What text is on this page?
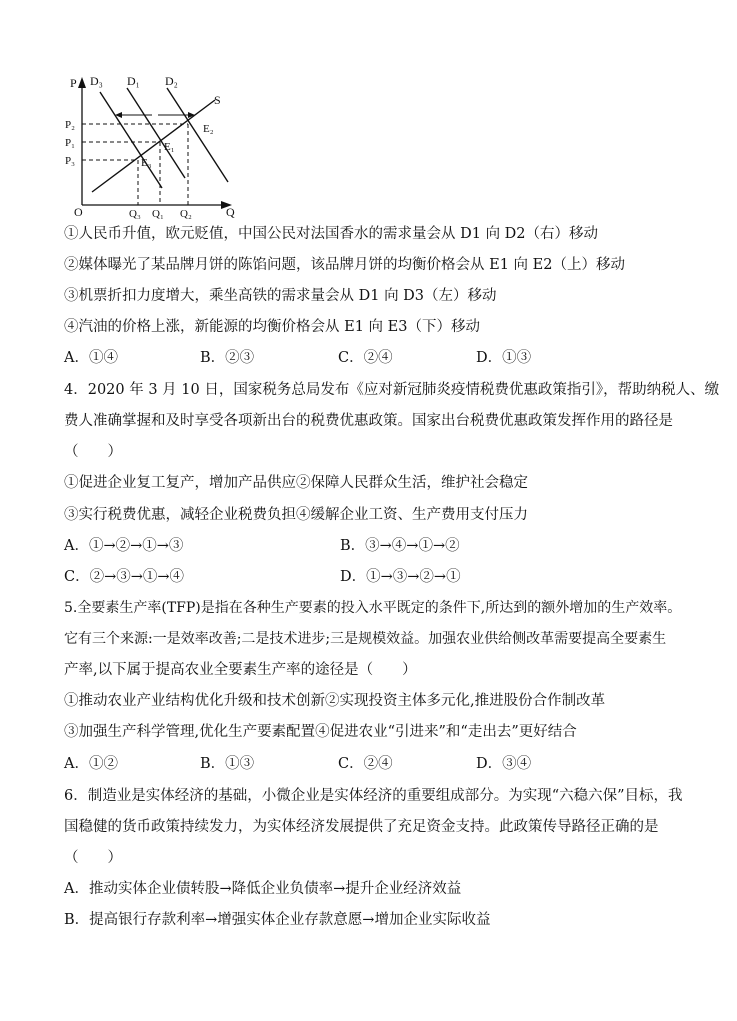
P
Q
O
D₃ D₁ D₂
S
P₂
P₁
P₃
Q₃ Q₁ Q₂
E₂
E₁
E₃
①人民币升值，欧元贬值，中国公民对法国香水的需求量会从 D1 向 D2（右）移动
②媒体曝光了某品牌月饼的陈馅问题，该品牌月饼的均衡价格会从 E1 向 E2（上）移动
③机票折扣力度增大，乘坐高铁的需求量会从 D1 向 D3（左）移动
④汽油的价格上涨，新能源的均衡价格会从 E1 向 E3（下）移动
A．①④	B．②③	C．②④	D．①③
4．2020 年 3 月 10 日，国家税务总局发布《应对新冠肺炎疫情税费优惠政策指引》，帮助纳税人、缴
费人准确掌握和及时享受各项新出台的税费优惠政策。国家出台税费优惠政策发挥作用的路径是
（　　）
①促进企业复工复产，增加产品供应②保障人民群众生活，维护社会稳定
③实行税费优惠，减轻企业税费负担④缓解企业工资、生产费用支付压力
A．①→②→①→③	B．③→④→①→②
C．②→③→①→④	D．①→③→②→①
5.全要素生产率(TFP)是指在各种生产要素的投入水平既定的条件下,所达到的额外增加的生产效率。
它有三个来源:一是效率改善;二是技术进步;三是规模效益。加强农业供给侧改革需要提高全要素生
产率,以下属于提高农业全要素生产率的途径是（　　）
①推动农业产业结构优化升级和技术创新②实现投资主体多元化,推进股份合作制改革
③加强生产科学管理,优化生产要素配置④促进农业“引进来”和“走出去”更好结合
A．①②	B．①③	C．②④	D．③④
6．制造业是实体经济的基础，小微企业是实体经济的重要组成部分。为实现“六稳六保”目标，我
国稳健的货币政策持续发力，为实体经济发展提供了充足资金支持。此政策传导路径正确的是
（　　）
A．推动实体企业债转股→降低企业负债率→提升企业经济效益
B．提高银行存款利率→增强实体企业存款意愿→增加企业实际收益
